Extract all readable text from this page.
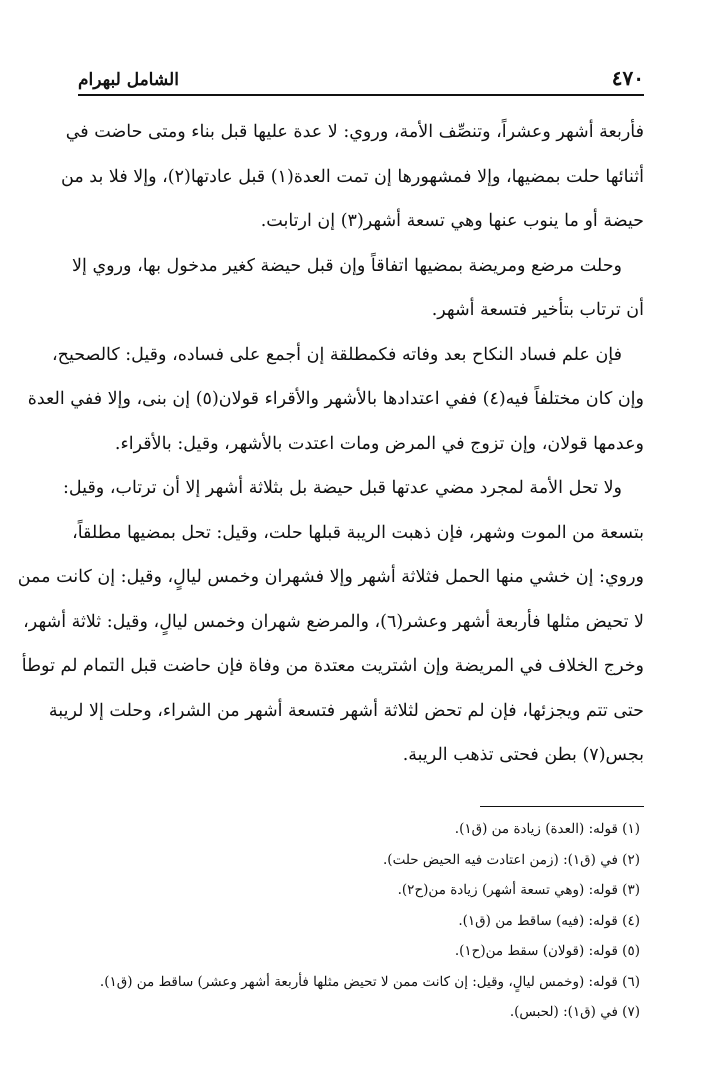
٤٧٠
الشامل لبهرام
فأربعة أشهر وعشراً، وتنصِّف الأمة، وروي: لا عدة عليها قبل بناء ومتى حاضت في
أثنائها حلت بمضيها، وإلا فمشهورها إن تمت العدة(١) قبل عادتها(٢)، وإلا فلا بد من
حيضة أو ما ينوب عنها وهي تسعة أشهر(٣) إن ارتابت.
وحلت مرضع ومريضة بمضيها اتفاقاً وإن قبل حيضة كغير مدخول بها، وروي إلا
أن ترتاب بتأخير فتسعة أشهر.
فإن علم فساد النكاح بعد وفاته فكمطلقة إن أجمع على فساده، وقيل: كالصحيح،
وإن كان مختلفاً فيه(٤) ففي اعتدادها بالأشهر والأقراء قولان(٥) إن بنى، وإلا ففي العدة
وعدمها قولان، وإن تزوج في المرض ومات اعتدت بالأشهر، وقيل: بالأقراء.
ولا تحل الأمة لمجرد مضي عدتها قبل حيضة بل بثلاثة أشهر إلا أن ترتاب، وقيل:
بتسعة من الموت وشهر، فإن ذهبت الريبة قبلها حلت، وقيل: تحل بمضيها مطلقاً،
وروي: إن خشي منها الحمل فثلاثة أشهر وإلا فشهران وخمس ليالٍ، وقيل: إن كانت ممن
لا تحيض مثلها فأربعة أشهر وعشر(٦)، والمرضع شهران وخمس ليالٍ، وقيل: ثلاثة أشهر،
وخرج الخلاف في المريضة وإن اشتريت معتدة من وفاة فإن حاضت قبل التمام لم توطأ
حتى تتم ويجزئها، فإن لم تحض لثلاثة أشهر فتسعة أشهر من الشراء، وحلت إلا لريبة
بجس(٧) بطن فحتى تذهب الريبة.
(١) قوله: (العدة) زيادة من (ق١).
(٢) في (ق١): (زمن اعتادت فيه الحيض حلت).
(٣) قوله: (وهي تسعة أشهر) زيادة من(ح٢).
(٤) قوله: (فيه) ساقط من (ق١).
(٥) قوله: (قولان) سقط من(ح١).
(٦) قوله: (وخمس ليالٍ، وقيل: إن كانت ممن لا تحيض مثلها فأربعة أشهر وعشر) ساقط من (ق١).
(٧) في (ق١): (لحبس).
